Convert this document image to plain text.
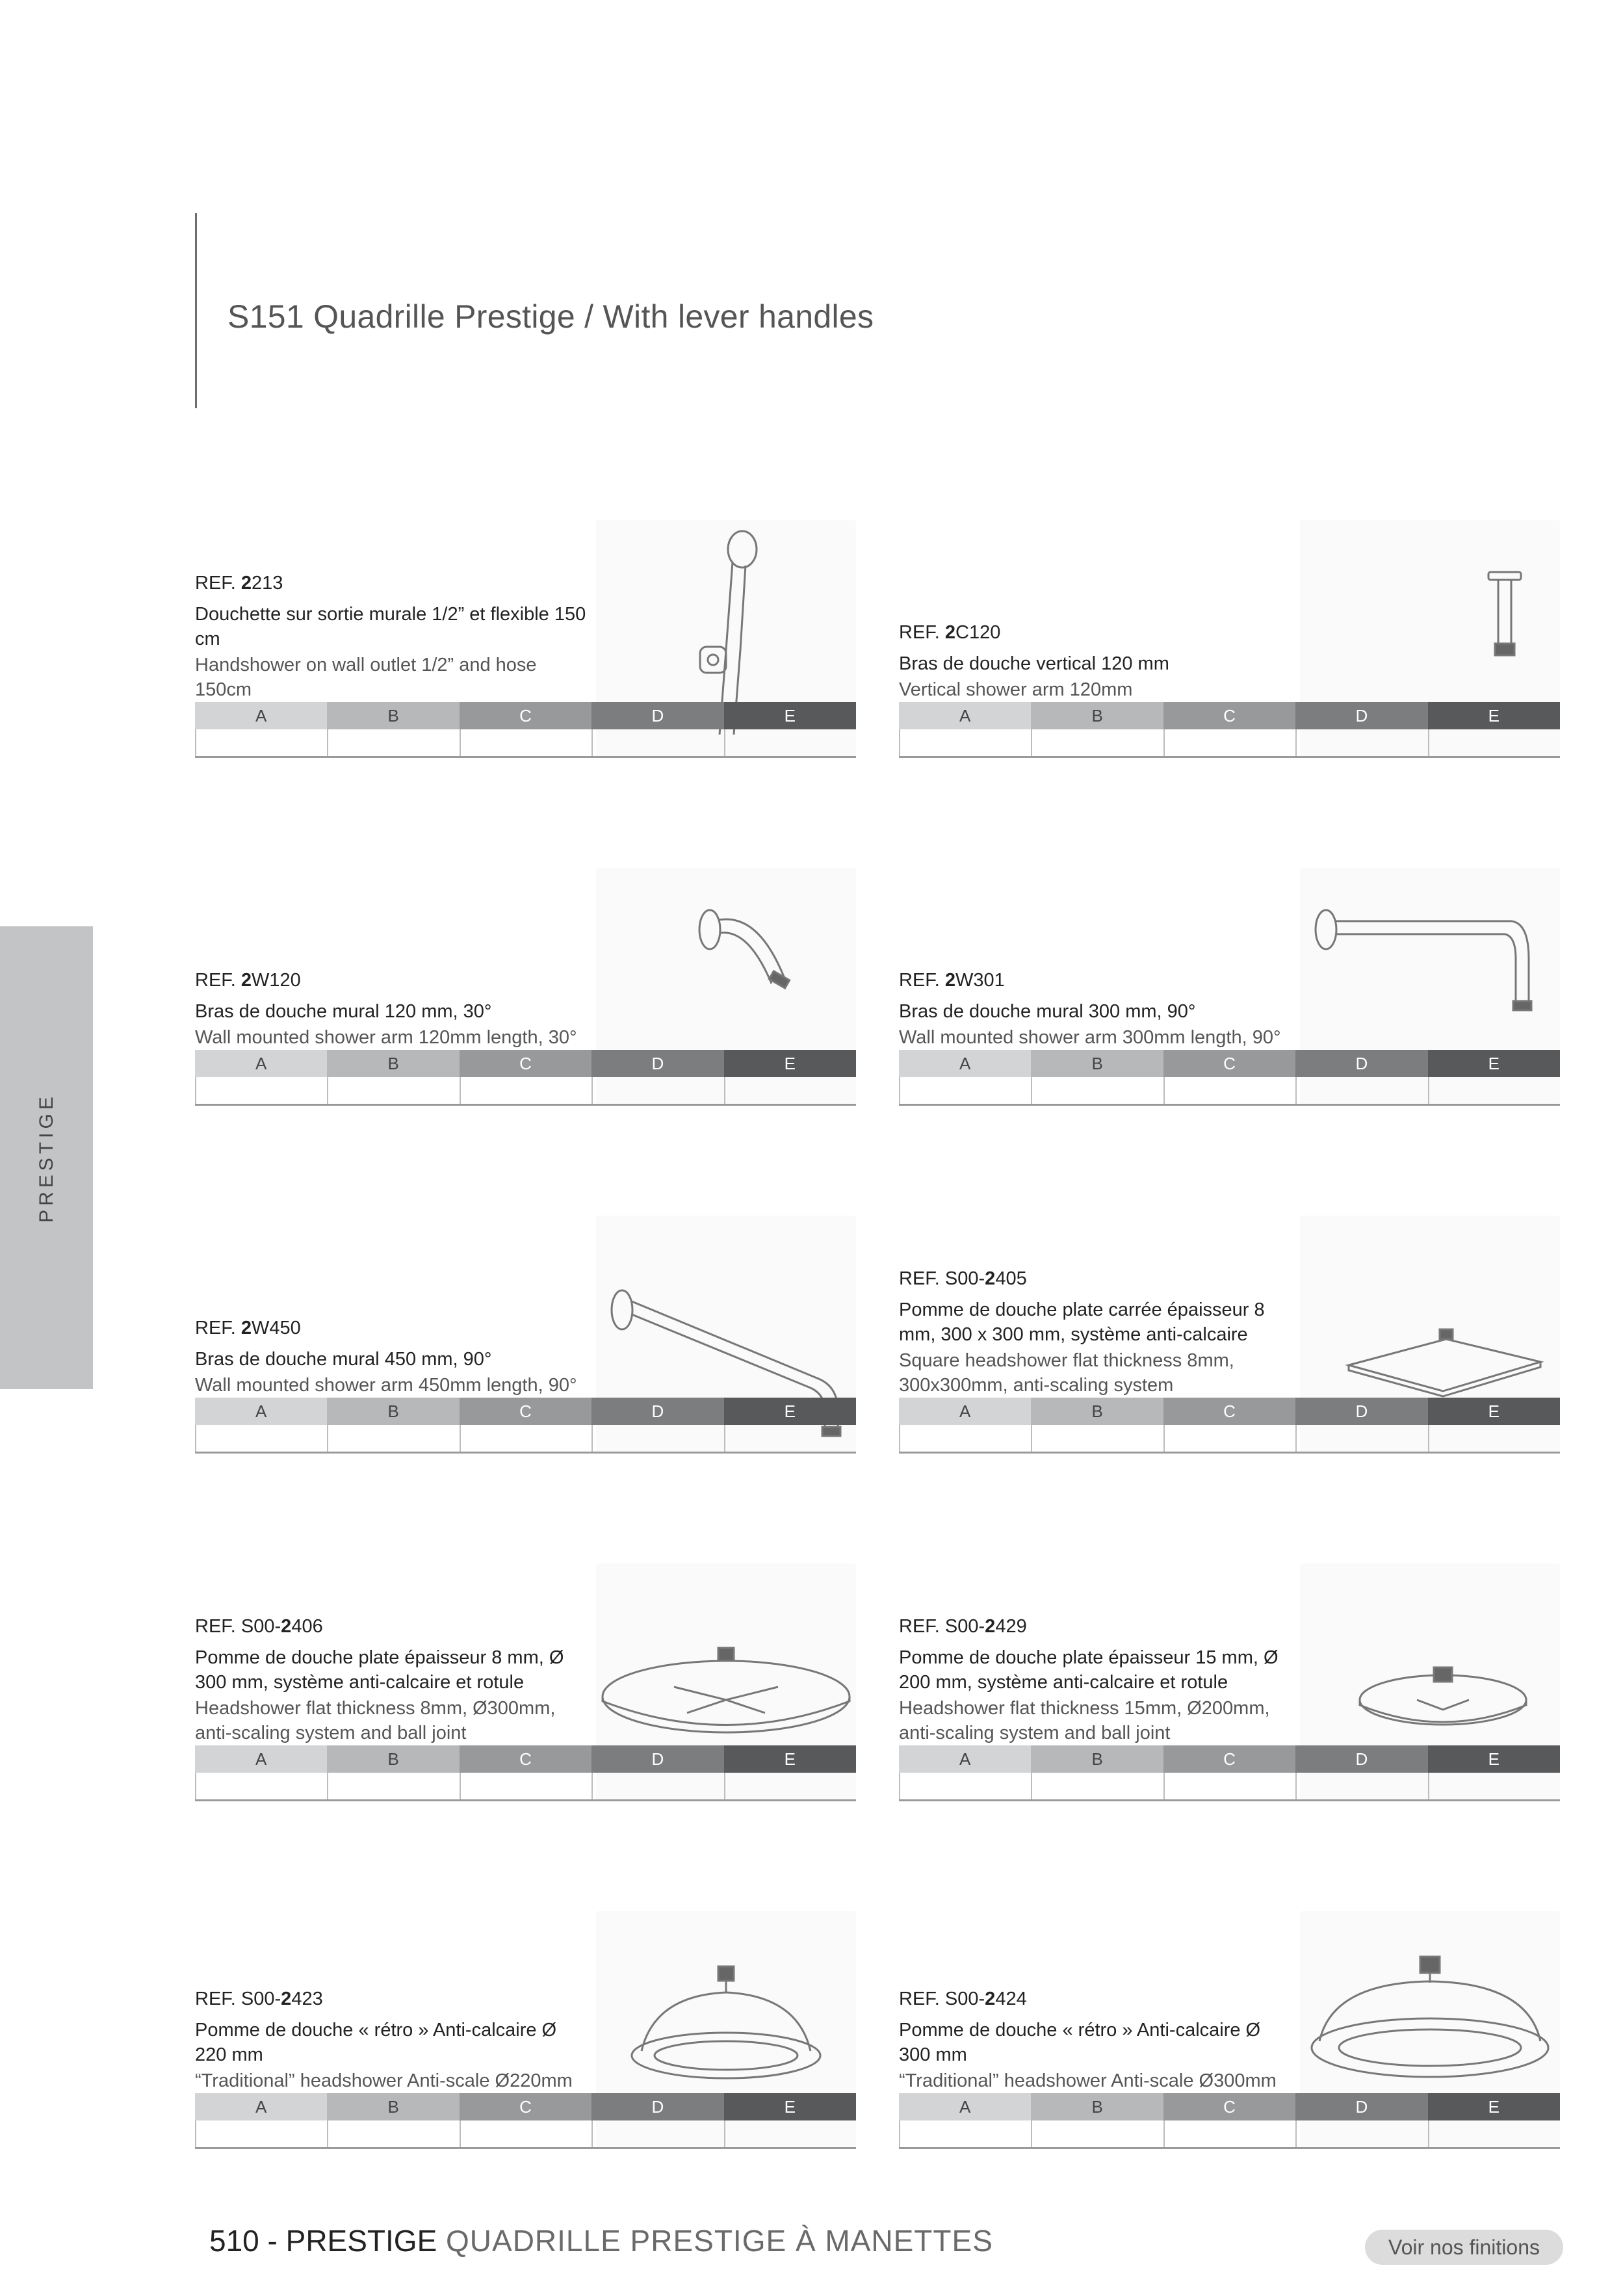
S151 Quadrille Prestige / With lever handles
PRESTIGE
REF. 2213
Douchette sur sortie murale 1/2” et flexible 150 cm
Handshower on wall outlet 1/2” and hose 150cm
A	B	C	D	E
REF. 2C120
Bras de douche vertical 120 mm
Vertical shower arm 120mm
A	B	C	D	E
REF. 2W120
Bras de douche mural 120 mm, 30°
Wall mounted shower arm 120mm length, 30°
A	B	C	D	E
REF. 2W301
Bras de douche mural 300 mm, 90°
Wall mounted shower arm 300mm length, 90°
A	B	C	D	E
REF. 2W450
Bras de douche mural 450 mm, 90°
Wall mounted shower arm 450mm length, 90°
A	B	C	D	E
REF. S00-2405
Pomme de douche plate carrée épaisseur 8 mm, 300 x 300 mm, système anti-calcaire
Square headshower flat thickness 8mm, 300x300mm, anti-scaling system
A	B	C	D	E
REF. S00-2406
Pomme de douche plate épaisseur 8 mm, Ø 300 mm, système anti-calcaire et rotule
Headshower flat thickness 8mm, Ø300mm, anti-scaling system and ball joint
A	B	C	D	E
REF. S00-2429
Pomme de douche plate épaisseur 15 mm, Ø 200 mm, système anti-calcaire et rotule
Headshower flat thickness 15mm, Ø200mm, anti-scaling system and ball joint
A	B	C	D	E
REF. S00-2423
Pomme de douche « rétro » Anti-calcaire Ø 220 mm
“Traditional” headshower Anti-scale Ø220mm
A	B	C	D	E
REF. S00-2424
Pomme de douche « rétro » Anti-calcaire Ø 300 mm
“Traditional” headshower Anti-scale Ø300mm
A	B	C	D	E
510 - PRESTIGE QUADRILLE PRESTIGE À MANETTES	Voir nos finitions
